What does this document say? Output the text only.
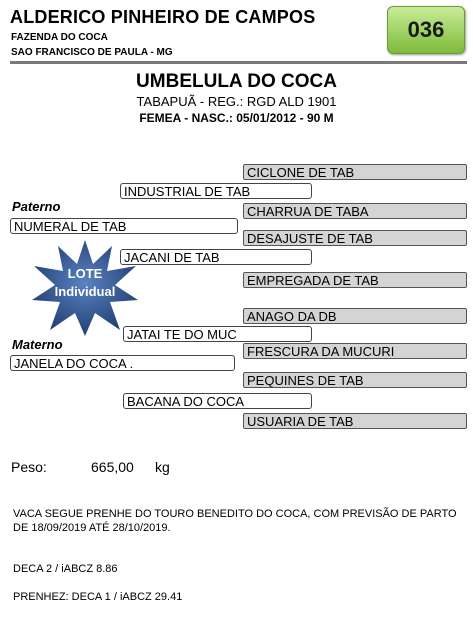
ALDERICO PINHEIRO DE CAMPOS
FAZENDA DO COCA
SAO FRANCISCO DE PAULA - MG
036
UMBELULA DO COCA
TABAPUÃ - REG.: RGD ALD 1901
FEMEA - NASC.: 05/01/2012 - 90 M
Paterno
Materno
NUMERAL DE TAB
JANELA DO COCA .
INDUSTRIAL DE TAB
JACANI DE TAB
JATAI TE DO MUC
BACANA DO COCA
CICLONE DE TAB
CHARRUA DE TABA
DESAJUSTE DE TAB
EMPREGADA DE TAB
ANAGO DA DB
FRESCURA DA MUCURI
PEQUINES DE TAB
USUARIA DE TAB
LOTE
Individual
Peso:	665,00 kg
VACA SEGUE PRENHE DO TOURO BENEDITO DO COCA, COM PREVISÃO DE PARTO DE 18/09/2019 ATÉ 28/10/2019.
DECA 2 / iABCZ 8.86
PRENHEZ: DECA 1 / iABCZ 29.41
